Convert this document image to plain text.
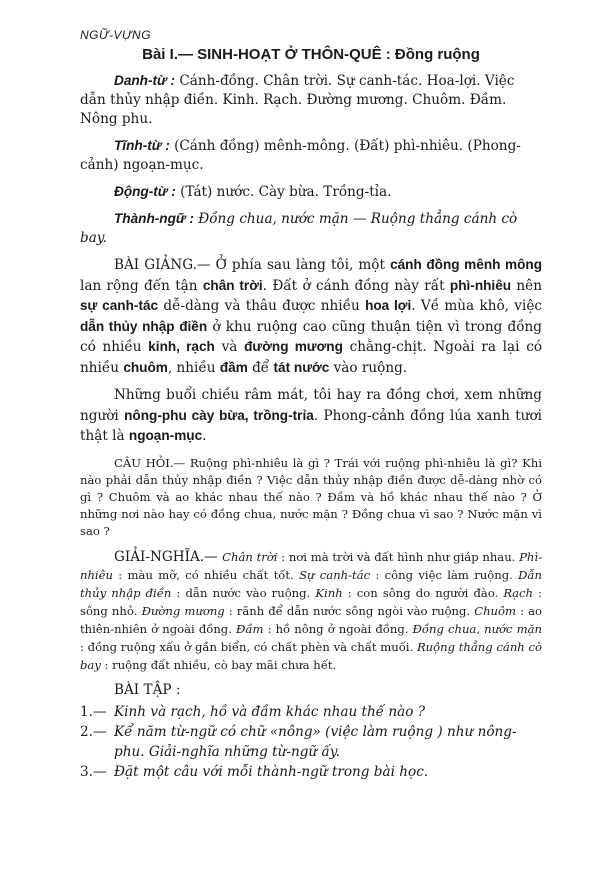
NGỮ-VỰNG
Bài I.— SINH-HOẠT Ở THÔN-QUÊ : Đồng ruộng

Danh-từ : Cánh-đồng. Chân trời. Sự canh-tác. Hoa-lợi. Việc dẫn thủy nhập điền. Kinh. Rạch. Đường mương. Chuôm. Đầm. Nông phu.

Tĩnh-từ : (Cánh đồng) mênh-mông. (Đất) phì-nhiêu. (Phong-cảnh) ngoạn-mục.

Động-từ : (Tát) nước. Cày bừa. Trồng-tỉa.

Thành-ngữ : Đồng chua, nước mặn — Ruộng thẳng cánh cò bay.

BÀI GIẢNG.— Ở phía sau làng tôi, một cánh đồng mênh mông lan rộng đến tận chân trời. Đất ở cánh đồng này rất phì-nhiêu nên sự canh-tác dễ-dàng và thâu được nhiều hoa lợi. Về mùa khô, việc dẫn thủy nhập điền ở khu ruộng cao cũng thuận tiện vì trong đồng có nhiều kinh, rạch và đường mương chằng-chịt. Ngoài ra lại có nhiều chuôm, nhiều đầm để tát nước vào ruộng.

Những buổi chiều râm mát, tôi hay ra đồng chơi, xem những người nông-phu cày bừa, trồng-trỉa. Phong-cảnh đồng lúa xanh tươi thật là ngoạn-mục.

CÂU HỎI.— Ruộng phì-nhiêu là gì ? Trái với ruộng phì-nhiêu là gì? Khi nào phải dẫn thủy nhập điền ? Việc dẫn thủy nhập điền được dễ-dàng nhờ có gì ? Chuôm và ao khác nhau thế nào ? Đầm và hồ khác nhau thế nào ? Ở những nơi nào hay có đồng chua, nước mặn ? Đồng chua vì sao ? Nước mặn vì sao ?

GIẢI-NGHĨA.— Chân trời : nơi mà trời và đất hình như giáp nhau. Phì-nhiêu : màu mỡ, có nhiều chất tốt. Sự canh-tác : công việc làm ruộng. Dẫn thủy nhập điền : dẫn nước vào ruộng. Kinh : con sông do người đào. Rạch : sông nhỏ. Đường mương : rãnh để dẫn nước sông ngòi vào ruộng. Chuôm : ao thiên-nhiên ở ngoài đồng. Đầm : hồ nông ở ngoài đồng. Đồng chua, nước mặn : đồng ruộng xấu ở gần biển, có chất phèn và chất muối. Ruộng thẳng cánh cò bay : ruộng đất nhiều, cò bay mãi chưa hết.

BÀI TẬP :
1.— Kinh và rạch, hồ và đầm khác nhau thế nào ?
2.— Kể năm từ-ngữ có chữ «nông» (việc làm ruộng ) như nông-phu. Giải-nghĩa những từ-ngữ ấy.
3.— Đặt một câu với mỗi thành-ngữ trong bài học.
